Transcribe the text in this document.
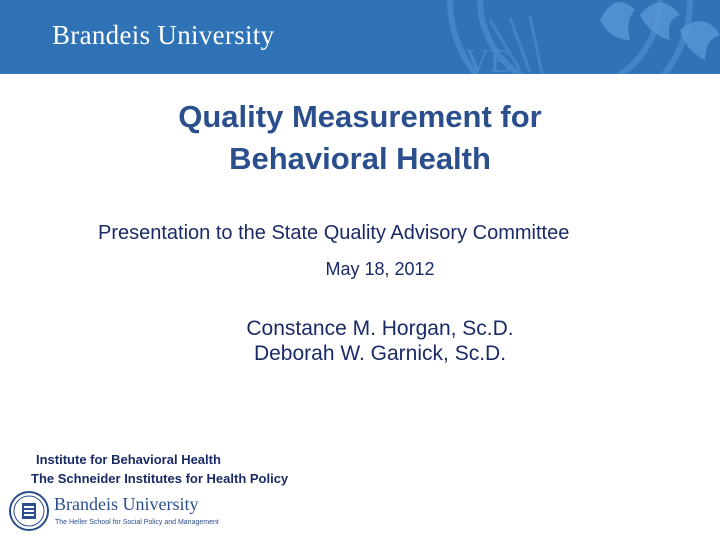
Brandeis University
VE
Quality Measurement for
Behavioral Health
Presentation to the State Quality Advisory Committee
May 18, 2012
Constance M. Horgan, Sc.D.
Deborah W. Garnick, Sc.D.
Institute for Behavioral Health
The Schneider Institutes for Health Policy
Brandeis University
The Heller School for Social Policy and Management
